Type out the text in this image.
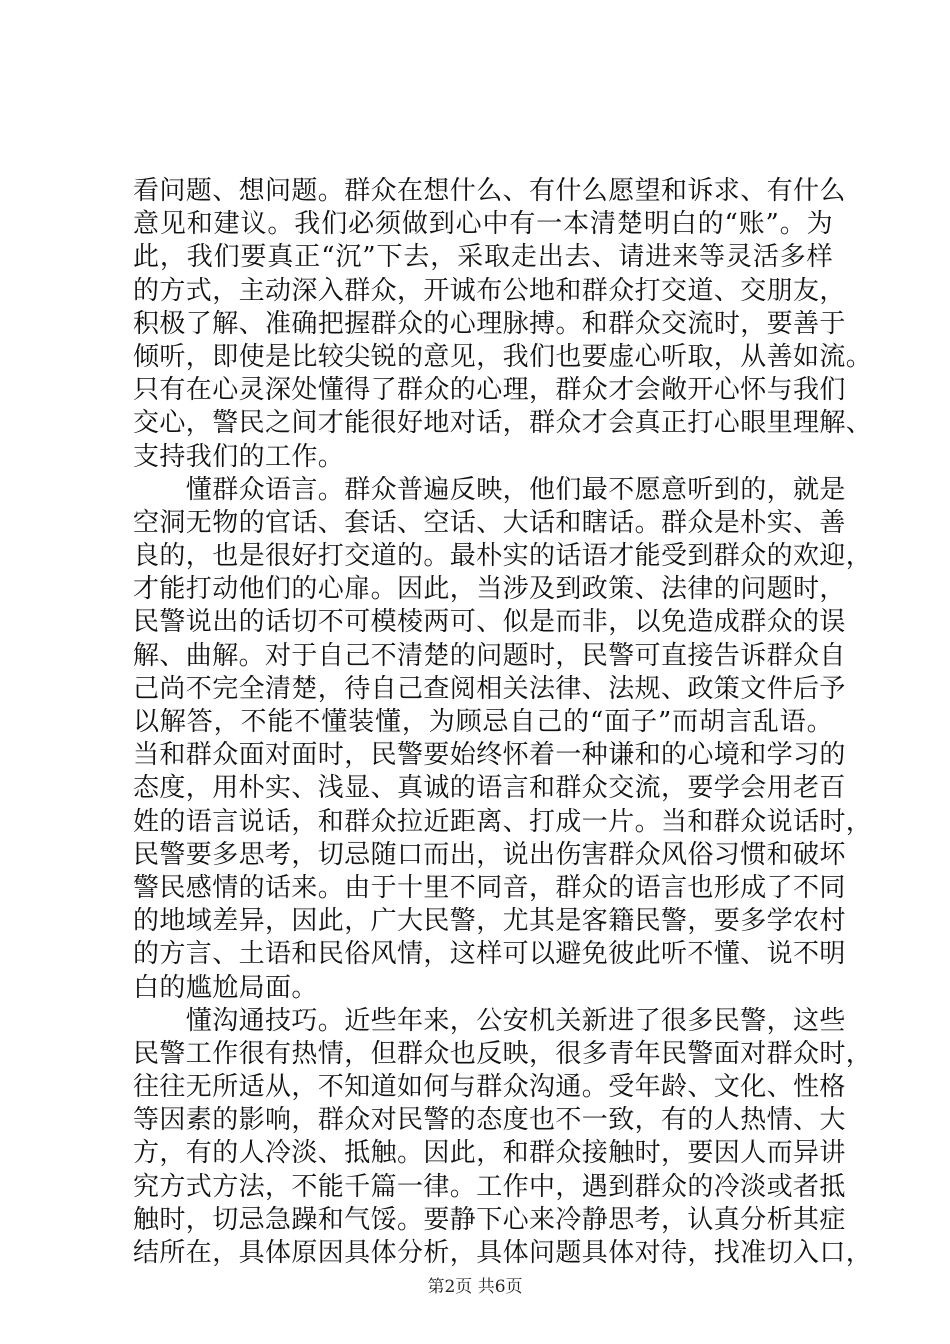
看问题、想问题。群众在想什么、有什么愿望和诉求、有什么
意见和建议。我们必须做到心中有一本清楚明白的“账”。为
此，我们要真正“沉”下去，采取走出去、请进来等灵活多样
的方式，主动深入群众，开诚布公地和群众打交道、交朋友，
积极了解、准确把握群众的心理脉搏。和群众交流时，要善于
倾听，即使是比较尖锐的意见，我们也要虚心听取，从善如流。
只有在心灵深处懂得了群众的心理，群众才会敞开心怀与我们
交心，警民之间才能很好地对话，群众才会真正打心眼里理解、
支持我们的工作。

　　懂群众语言。群众普遍反映，他们最不愿意听到的，就是
空洞无物的官话、套话、空话、大话和瞎话。群众是朴实、善
良的，也是很好打交道的。最朴实的话语才能受到群众的欢迎，
才能打动他们的心扉。因此，当涉及到政策、法律的问题时，
民警说出的话切不可模棱两可、似是而非，以免造成群众的误
解、曲解。对于自己不清楚的问题时，民警可直接告诉群众自
己尚不完全清楚，待自己查阅相关法律、法规、政策文件后予
以解答，不能不懂装懂，为顾忌自己的“面子”而胡言乱语。
当和群众面对面时，民警要始终怀着一种谦和的心境和学习的
态度，用朴实、浅显、真诚的语言和群众交流，要学会用老百
姓的语言说话，和群众拉近距离、打成一片。当和群众说话时，
民警要多思考，切忌随口而出，说出伤害群众风俗习惯和破坏
警民感情的话来。由于十里不同音，群众的语言也形成了不同
的地域差异，因此，广大民警，尤其是客籍民警，要多学农村
的方言、土语和民俗风情，这样可以避免彼此听不懂、说不明
白的尴尬局面。

　　懂沟通技巧。近些年来，公安机关新进了很多民警，这些
民警工作很有热情，但群众也反映，很多青年民警面对群众时，
往往无所适从，不知道如何与群众沟通。受年龄、文化、性格
等因素的影响，群众对民警的态度也不一致，有的人热情、大
方，有的人冷淡、抵触。因此，和群众接触时，要因人而异讲
究方式方法，不能千篇一律。工作中，遇到群众的冷淡或者抵
触时，切忌急躁和气馁。要静下心来冷静思考，认真分析其症
结所在，具体原因具体分析，具体问题具体对待，找准切入口，

第2页 共6页
